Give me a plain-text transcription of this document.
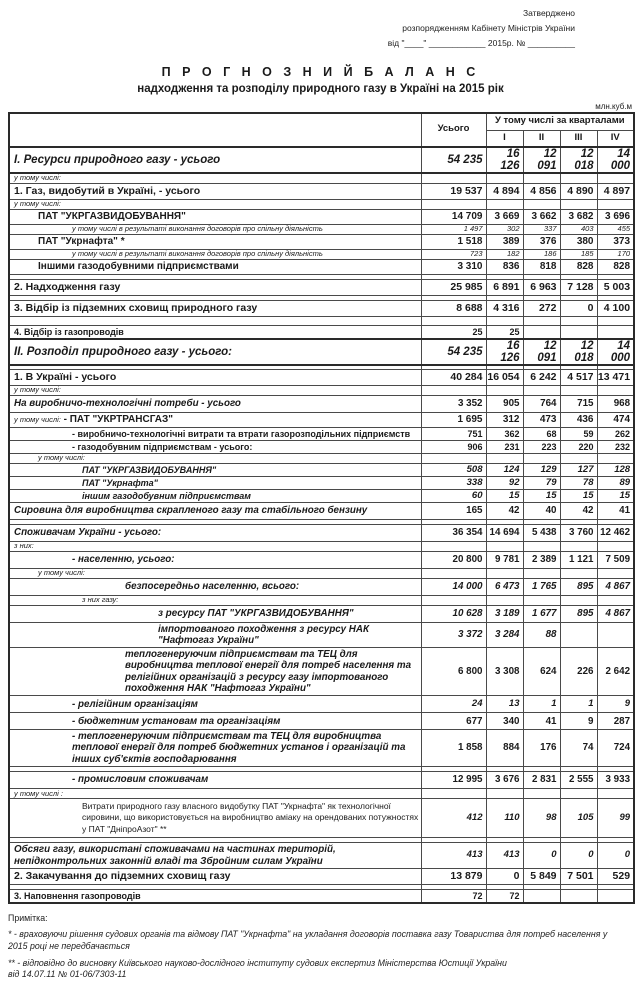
Затверджено
розпорядженням Кабінету Міністрів України
від "____" ____________ 2015р. № __________
П Р О Г Н О З Н И Й Б А Л А Н С
надходження та розподілу природного газу в Україні на 2015 рік
млн.куб.м
	Усього	У тому числі за кварталами			
		I	II	III	IV
I. Ресурси природного газу - усього	54 235	16 126	12 091	12 018	14 000
у тому числі:					
1. Газ, видобутий в Україні, - усього	19 537	4 894	4 856	4 890	4 897
у тому числі:					
ПАТ "УКРГАЗВИДОБУВАННЯ"	14 709	3 669	3 662	3 682	3 696
у тому числі в результаті виконання договорів про спільну діяльність	1 497	302	337	403	455
ПАТ "Укрнафта" *	1 518	389	376	380	373
у тому числі в результаті виконання договорів про спільну діяльність	723	182	186	185	170
Іншими газодобувними підприємствами	3 310	836	818	828	828

2. Надходження газу	25 985	6 891	6 963	7 128	5 003

3. Відбір із підземних сховищ природного газу	8 688	4 316	272	0	4 100

4. Відбір із газопроводів	25	25			
II. Розподіл природного газу - усього:	54 235	16 126	12 091	12 018	14 000

1. В Україні - усього	40 284	16 054	6 242	4 517	13 471
у тому числі:					
На виробничо-технологічні потреби - усього	3 352	905	764	715	968
у тому числі: - ПАТ "УКРТРАНСГАЗ"	1 695	312	473	436	474
- виробничо-технологічні витрати та втрати газорозподільних підприємств	751	362	68	59	262
- газодобувним підприємствам - усього:	906	231	223	220	232
у тому числі:					
ПАТ "УКРГАЗВИДОБУВАННЯ"	508	124	129	127	128
ПАТ "Укрнафта"	338	92	79	78	89
іншим газодобувним підприємствам	60	15	15	15	15
Сировина для виробництва скрапленого газу та стабільного бензину	165	42	40	42	41

Споживачам України - усього:	36 354	14 694	5 438	3 760	12 462
з них:					
- населенню, усього:	20 800	9 781	2 389	1 121	7 509
у тому числі:					
безпосередньо населенню, всього:	14 000	6 473	1 765	895	4 867
з них газу:					
з ресурсу ПАТ "УКРГАЗВИДОБУВАННЯ"	10 628	3 189	1 677	895	4 867
імпортованого походження з ресурсу НАК "Нафтогаз України"	3 372	3 284	88		
теплогенеруючим підприємствам та ТЕЦ для виробництва теплової енергії для потреб населення та релігійних організацій з ресурсу газу імпортованого походження НАК "Нафтогаз України"	6 800	3 308	624	226	2 642
- релігійним організаціям	24	13	1	1	9
- бюджетним установам та організаціям	677	340	41	9	287
- теплогенеруючим підприємствам та ТЕЦ для виробництва теплової енергії для потреб бюджетних установ і організацій та інших суб'єктів господарювання	1 858	884	176	74	724

- промисловим споживачам	12 995	3 676	2 831	2 555	3 933
у тому числі :					
Витрати природного газу власного видобутку ПАТ "Укрнафта" як технологічної сировини, що використовується на виробництво аміаку на орендованих потужностях у ПАТ "ДніпроАзот" **	412	110	98	105	99

Обсяги газу, використані споживачами на частинах територій, непідконтрольних законній владі та Збройним силам України	413	413	0	0	0
2. Закачування до підземних сховищ газу	13 879	0	5 849	7 501	529

3. Наповнення газопроводів	72	72			
Примітка:
* - враховуючи рішення судових органів та відмову ПАТ "Укрнафта" на укладання договорів поставка газу Товариства для потреб населення у 2015 році не передбачається
** - відповідно до висновку Київського науково-дослідного інституту судових експертиз Міністерства Юстиції України
від 14.07.11 № 01-06/7303-11
